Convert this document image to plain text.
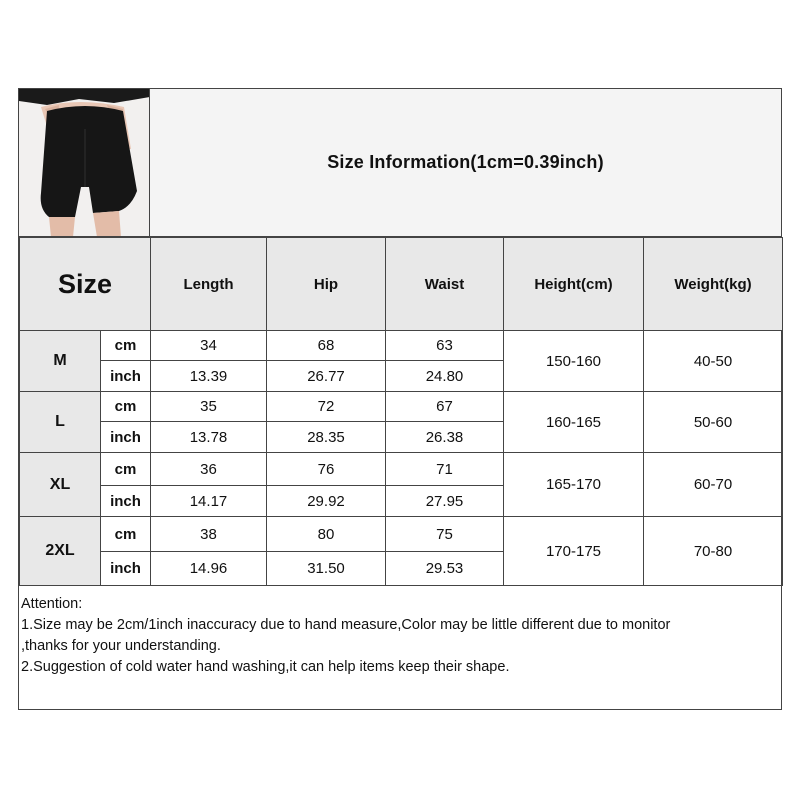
Size Information(1cm=0.39inch)
Size		Length	Hip	Waist	Height(cm)	Weight(kg)
M	cm	34	68	63	150-160	40-50
	inch	13.39	26.77	24.80		
L	cm	35	72	67	160-165	50-60
	inch	13.78	28.35	26.38		
XL	cm	36	76	71	165-170	60-70
	inch	14.17	29.92	27.95		
2XL	cm	38	80	75	170-175	70-80
	inch	14.96	31.50	29.53		
Attention:
1.Size may be 2cm/1inch inaccuracy due to hand measure,Color may be little different due to monitor
,thanks for your understanding.
2.Suggestion of cold water hand washing,it can help items keep their shape.
